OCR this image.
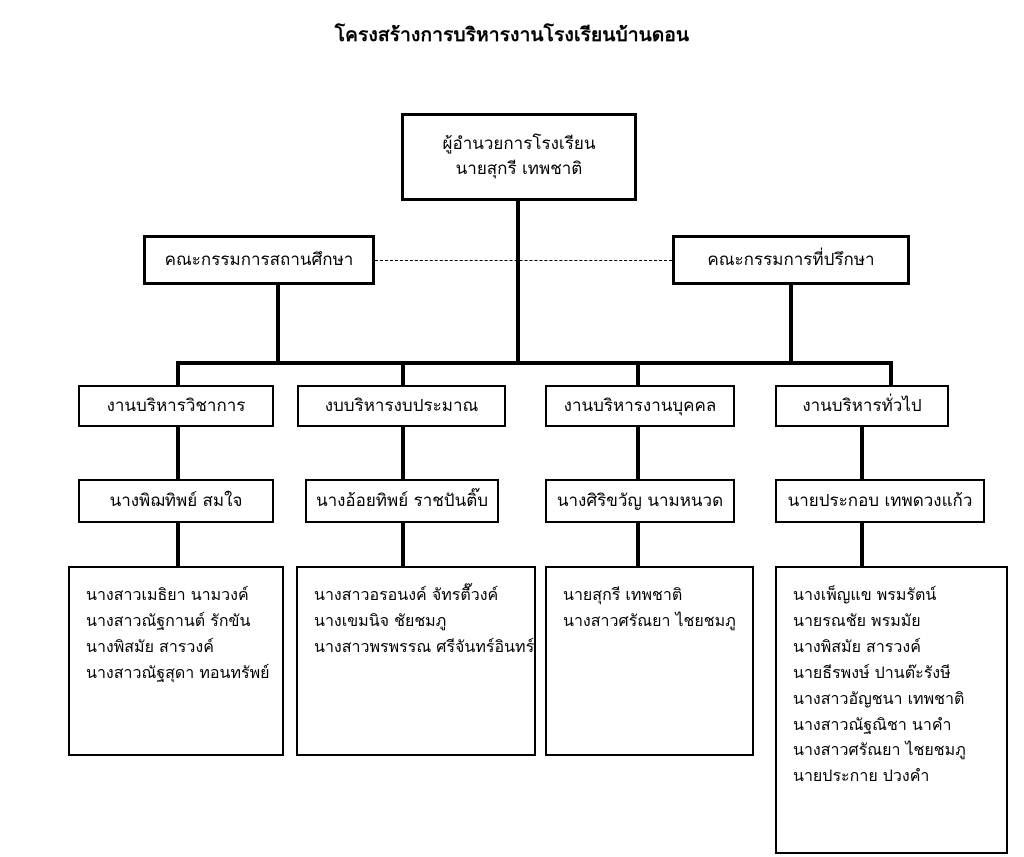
โครงสร้างการบริหารงานโรงเรียนบ้านดอน
ผู้อำนวยการโรงเรียน
นายสุกรี เทพชาติ
คณะกรรมการสถานศึกษา	คณะกรรมการที่ปรึกษา
งานบริหารวิชาการ
นางพิฌทิพย์ สมใจ
นางสาวเมธิยา นามวงค์
นางสาวณัฐกานต์ รักขัน
นางพิสมัย สารวงค์
นางสาวณัฐสุดา ทอนทรัพย์
งบบริหารงบประมาณ
นางอ้อยทิพย์ ราชปันติ๊บ
นางสาวอรอนงค์ จัทรตื๊วงค์
นางเขมนิจ ชัยชมภู
นางสาวพรพรรณ ศรีจันทร์อินทร์
งานบริหารงานบุคคล
นางศิริขวัญ นามหนวด
นายสุกรี เทพชาติ
นางสาวศรัณยา ไชยชมภู
งานบริหารทั่วไป
นายประกอบ เทพดวงแก้ว
นางเพ็ญแข พรมรัตน์
นายรณชัย พรมมัย
นางพิสมัย สารวงค์
นายธีรพงษ์ ปานต๊ะรังษี
นางสาวอัญชนา เทพชาติ
นางสาวณัฐณิชา นาคำ
นางสาวศรัณยา ไชยชมภู
นายประกาย ปวงคำ
